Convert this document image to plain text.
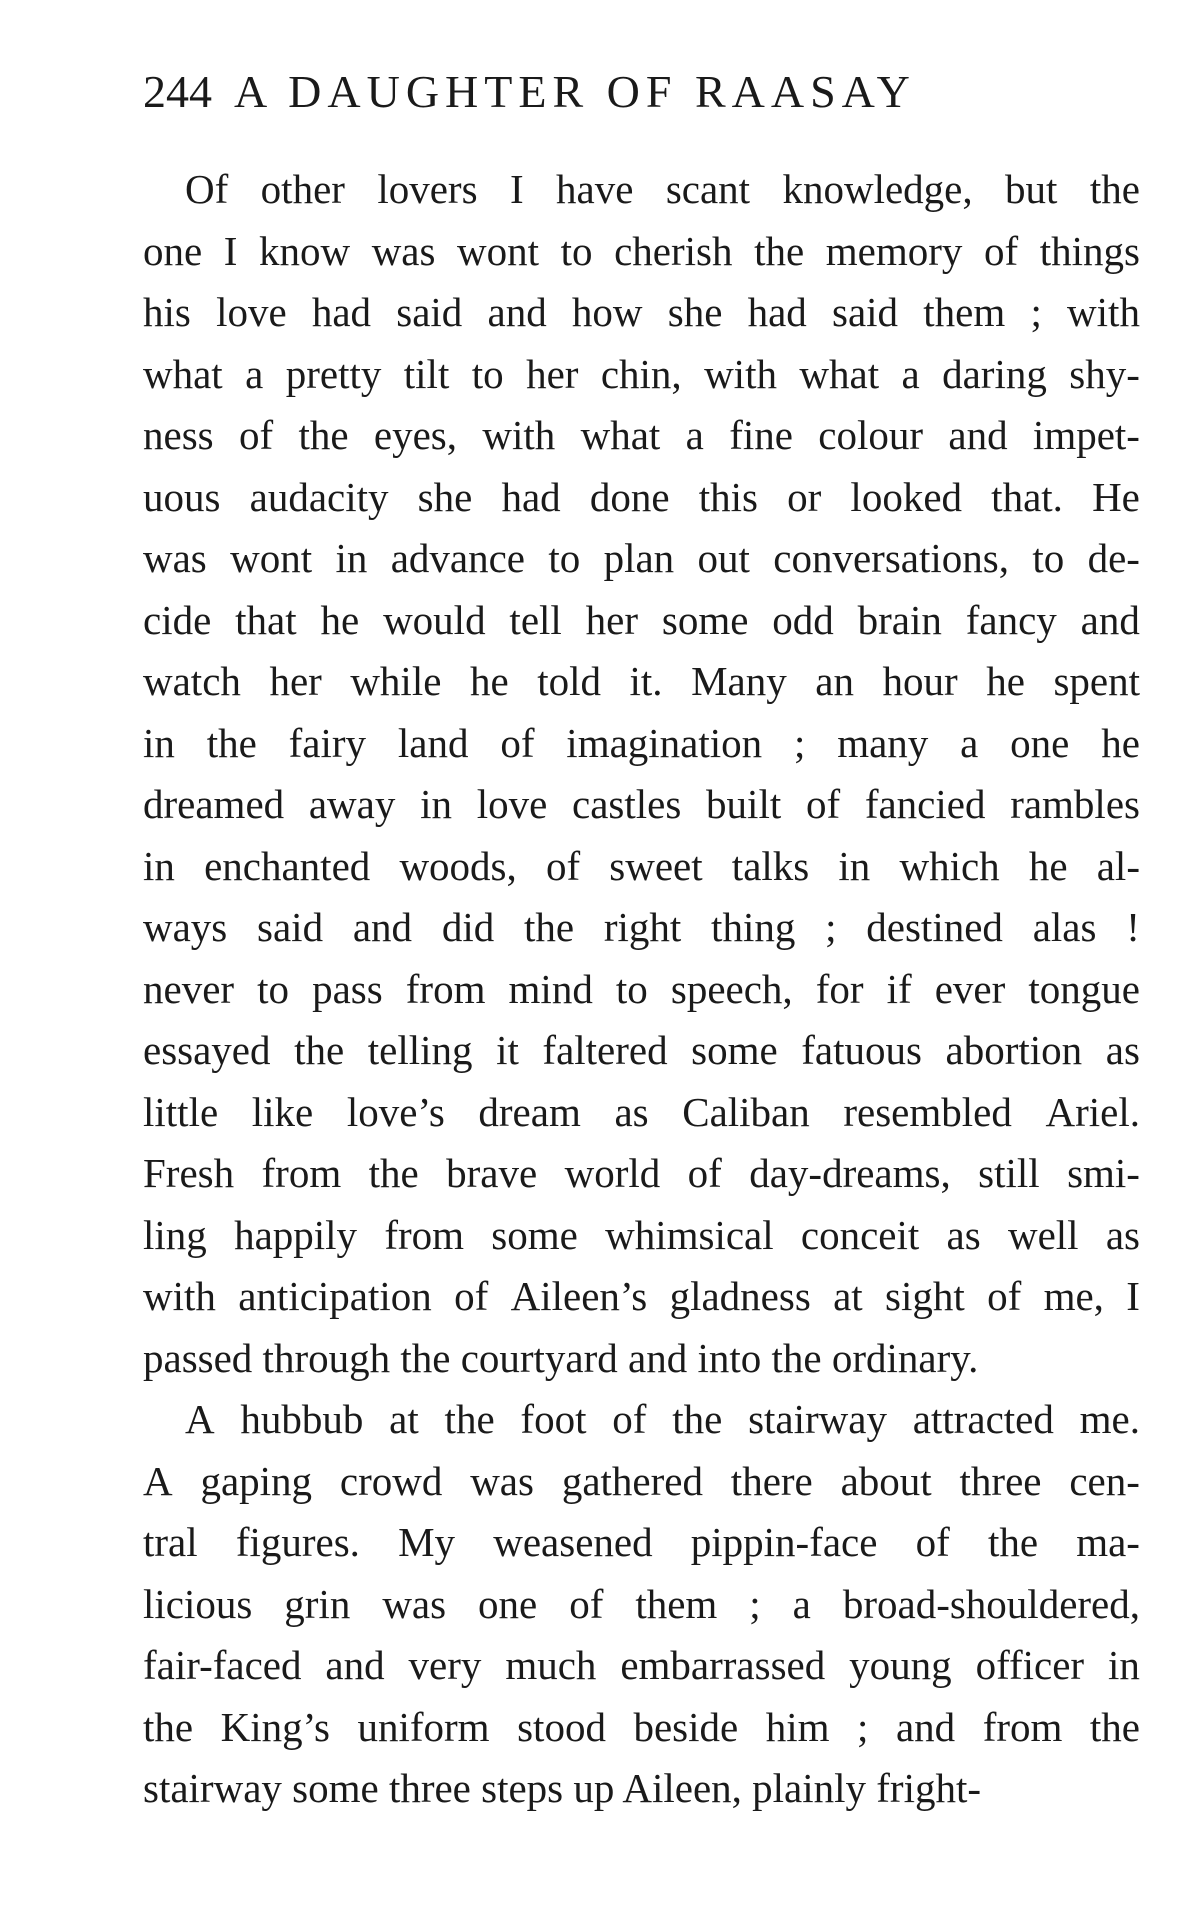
244 A DAUGHTER OF RAASAY
Of other lovers I have scant knowledge, but the
one I know was wont to cherish the memory of things
his love had said and how she had said them ; with
what a pretty tilt to her chin, with what a daring shy-
ness of the eyes, with what a fine colour and impet-
uous audacity she had done this or looked that. He
was wont in advance to plan out conversations, to de-
cide that he would tell her some odd brain fancy and
watch her while he told it. Many an hour he spent
in the fairy land of imagination ; many a one he
dreamed away in love castles built of fancied rambles
in enchanted woods, of sweet talks in which he al-
ways said and did the right thing ; destined alas !
never to pass from mind to speech, for if ever tongue
essayed the telling it faltered some fatuous abortion as
little like love’s dream as Caliban resembled Ariel.
Fresh from the brave world of day-dreams, still smi-
ling happily from some whimsical conceit as well as
with anticipation of Aileen’s gladness at sight of me, I
passed through the courtyard and into the ordinary.
A hubbub at the foot of the stairway attracted me.
A gaping crowd was gathered there about three cen-
tral figures. My weasened pippin-face of the ma-
licious grin was one of them ; a broad-shouldered,
fair-faced and very much embarrassed young officer in
the King’s uniform stood beside him ; and from the
stairway some three steps up Aileen, plainly fright-
